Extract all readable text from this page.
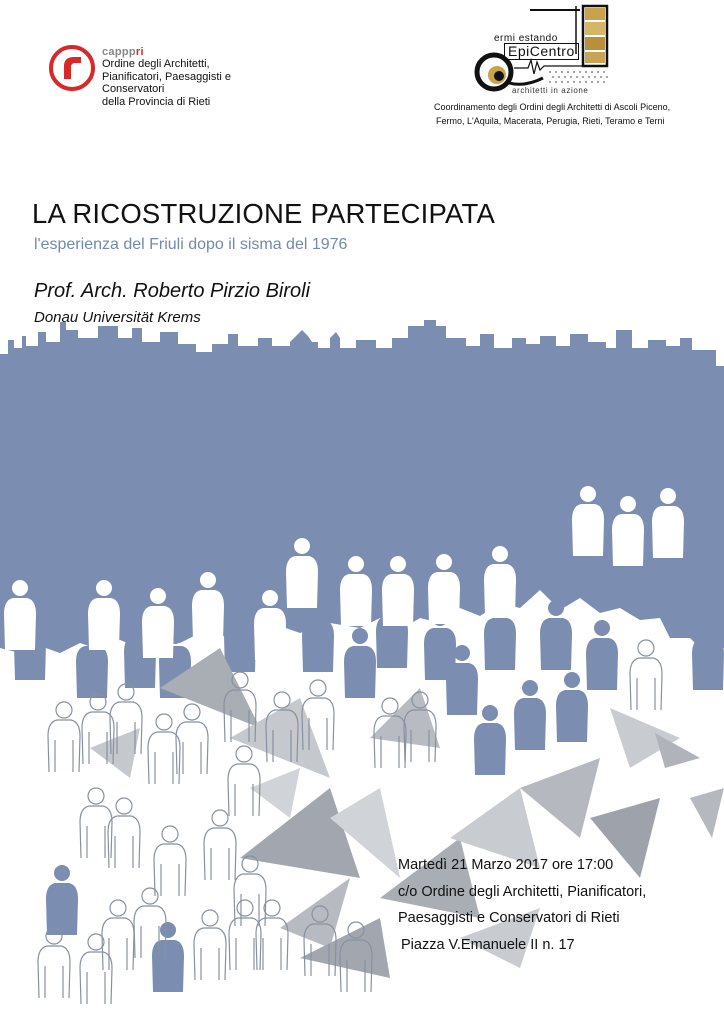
capppri
Ordine degli Architetti,
Pianificatori, Paesaggisti e Conservatori
della Provincia di Rieti
ermi estando
EpiCentro
architetti in azione
Coordinamento degli Ordini degli Architetti di Ascoli Piceno,
Fermo, L'Aquila, Macerata, Perugia, Rieti, Teramo e Terni
LA RICOSTRUZIONE PARTECIPATA
l'esperienza del Friuli dopo il sisma del 1976
Prof. Arch. Roberto Pirzio Biroli
Donau Universität Krems
Martedì 21 Marzo 2017 ore 17:00
c/o Ordine degli Architetti, Pianificatori,
Paesaggisti e Conservatori di Rieti
Piazza V.Emanuele II n. 17
